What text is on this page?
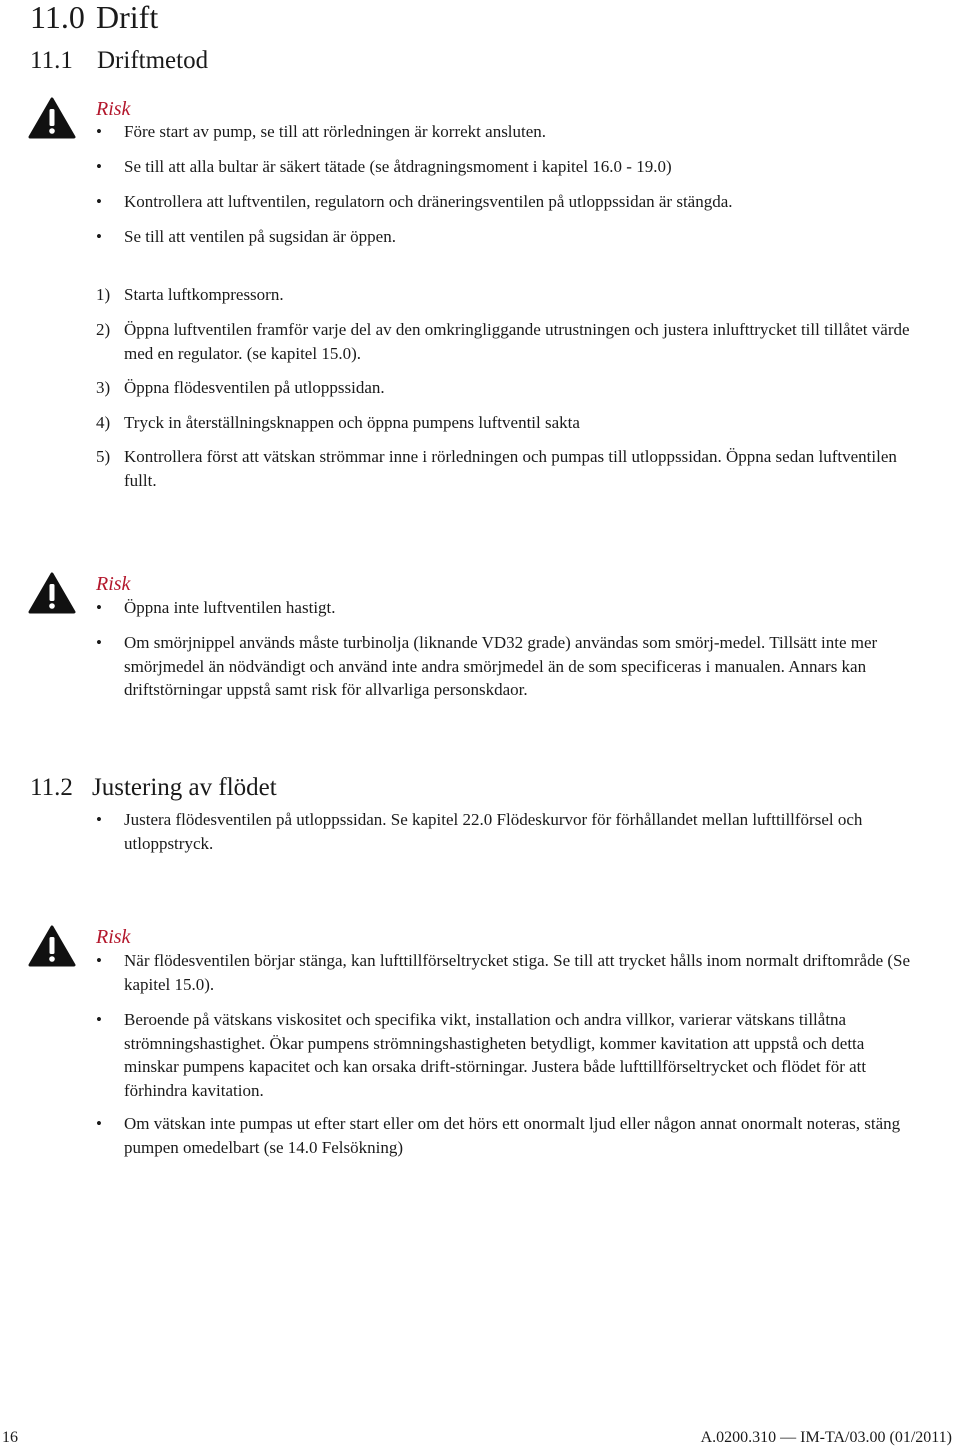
11.0 Drift
11.1 Driftmetod
Risk
•	Före start av pump, se till att rörledningen är korrekt ansluten.
•	Se till att alla bultar är säkert tätade (se åtdragningsmoment i kapitel 16.0 - 19.0)
•	Kontrollera att luftventilen, regulatorn och dräneringsventilen på utloppssidan är stängda.
•	Se till att ventilen på sugsidan är öppen.
1) Starta luftkompressorn.
2) Öppna luftventilen framför varje del av den omkringliggande utrustningen och justera inlufttrycket till tillåtet värde med en regulator. (se kapitel 15.0).
3) Öppna flödesventilen på utloppssidan.
4) Tryck in återställningsknappen och öppna pumpens luftventil sakta
5) Kontrollera först att vätskan strömmar inne i rörledningen och pumpas till utloppssidan. Öppna sedan luftventilen fullt.
Risk
•	Öppna inte luftventilen hastigt.
•	Om smörjnippel används måste turbinolja (liknande VD32 grade) användas som smörj-medel. Tillsätt inte mer smörjmedel än nödvändigt och använd inte andra smörjmedel än de som specificeras i manualen. Annars kan driftstörningar uppstå samt risk för allvarliga personskdaor.
11.2 Justering av flödet
•	Justera flödesventilen på utloppssidan. Se kapitel 22.0 Flödeskurvor för förhållandet mellan lufttillförsel och utloppstryck.
Risk
•	När flödesventilen börjar stänga, kan lufttillförseltrycket stiga. Se till att trycket hålls inom normalt driftområde (Se kapitel 15.0).
•	Beroende på vätskans viskositet och specifika vikt, installation och andra villkor, varierar vätskans tillåtna strömningshastighet. Ökar pumpens strömningshastigheten betydligt, kommer kavitation att uppstå och detta minskar pumpens kapacitet och kan orsaka drift-störningar. Justera både lufttillförseltrycket och flödet för att förhindra kavitation.
•	Om vätskan inte pumpas ut efter start eller om det hörs ett onormalt ljud eller någon annat onormalt noteras, stäng pumpen omedelbart (se 14.0 Felsökning)
16	A.0200.310 — IM-TA/03.00 (01/2011)
